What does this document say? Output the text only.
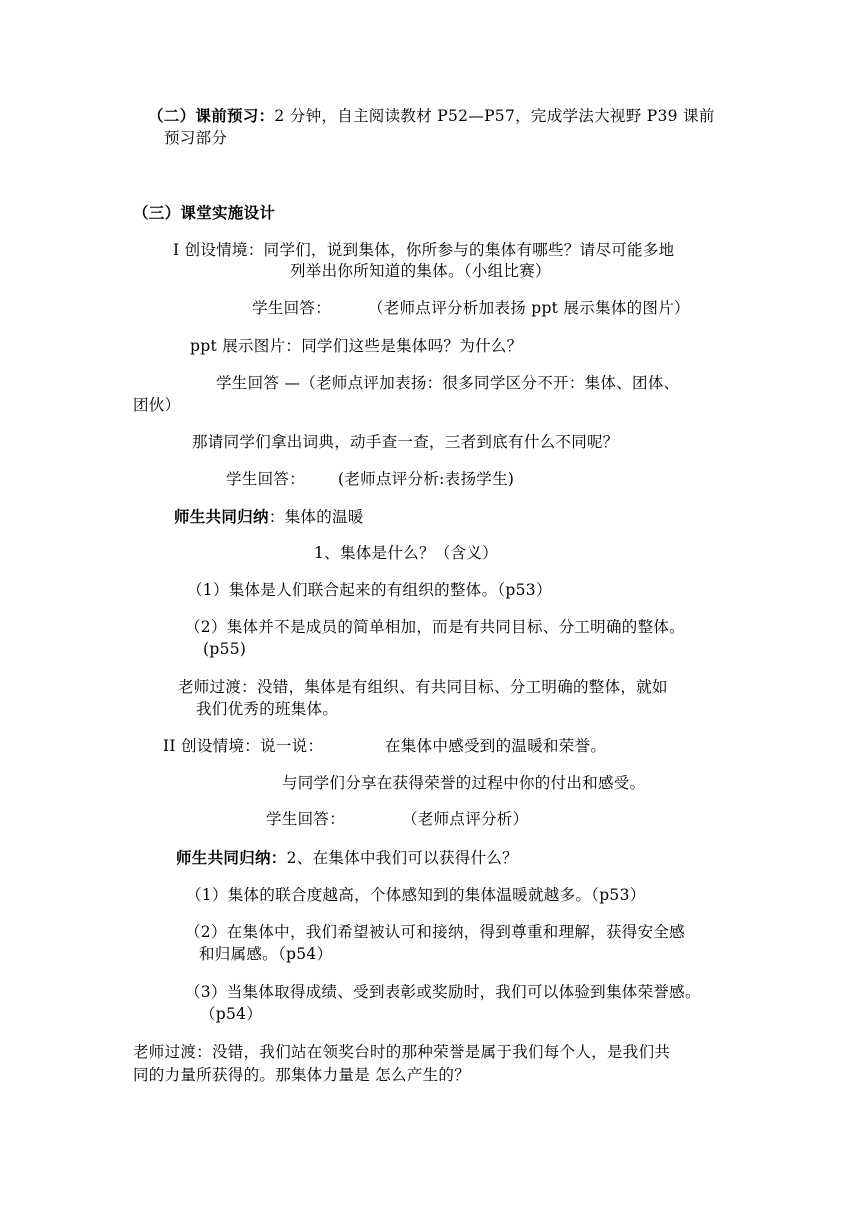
（二）课前预习：2 分钟，自主阅读教材 P52—P57，完成学法大视野 P39 课前
预习部分
（三）课堂实施设计
I 创设情境：同学们，说到集体，你所参与的集体有哪些？请尽可能多地
列举出你所知道的集体。（小组比赛）
学生回答： （老师点评分析加表扬 ppt 展示集体的图片）
ppt 展示图片：同学们这些是集体吗？为什么？
学生回答 —（老师点评加表扬：很多同学区分不开：集体、团体、
团伙）
那请同学们拿出词典，动手查一查，三者到底有什么不同呢？
学生回答： (老师点评分析:表扬学生)
师生共同归纳：集体的温暖
1、集体是什么？（含义）
（1）集体是人们联合起来的有组织的整体。（p53）
（2）集体并不是成员的简单相加，而是有共同目标、分工明确的整体。
(p55)
老师过渡：没错，集体是有组织、有共同目标、分工明确的整体，就如
我们优秀的班集体。
II 创设情境：说一说：	在集体中感受到的温暖和荣誉。
与同学们分享在获得荣誉的过程中你的付出和感受。
学生回答：	（老师点评分析）
师生共同归纳：2、在集体中我们可以获得什么？
（1）集体的联合度越高，个体感知到的集体温暖就越多。（p53）
（2）在集体中，我们希望被认可和接纳，得到尊重和理解，获得安全感
和归属感。（p54）
（3）当集体取得成绩、受到表彰或奖励时，我们可以体验到集体荣誉感。
（p54）
老师过渡：没错，我们站在领奖台时的那种荣誉是属于我们每个人，是我们共
同的力量所获得的。那集体力量是 怎么产生的？
